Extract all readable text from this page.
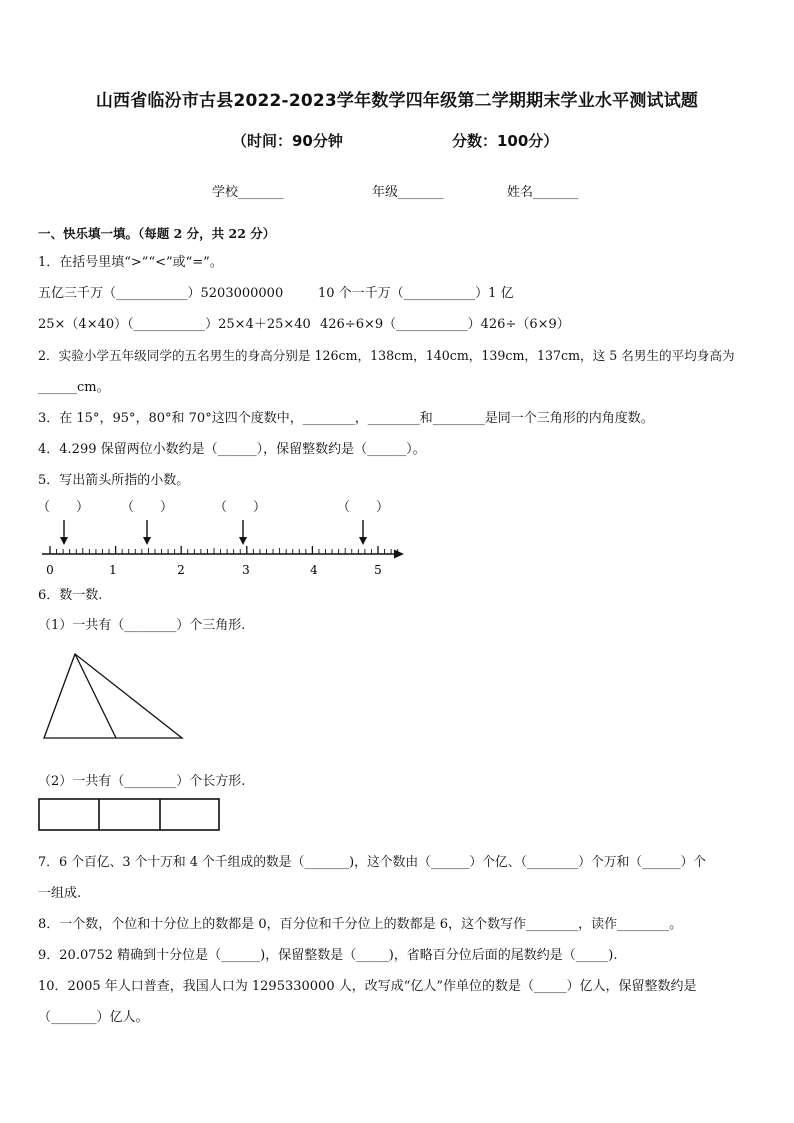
山西省临汾市古县2022-2023学年数学四年级第二学期期末学业水平测试试题
（时间：90分钟	分数：100分）
学校_______	年级_______	姓名_______
一、快乐填一填。（每题 2 分，共 22 分）
1．在括号里填“>”“<”或“=”。
五亿三千万（___________）5203000000	10 个一千万（___________）1 亿
25×（4×40）（___________）25×4＋25×40 426÷6×9（___________）426÷（6×9）
2．实验小学五年级同学的五名男生的身高分别是 126cm，138cm，140cm，139cm，137cm，这 5 名男生的平均身高为
______cm。
3．在 15°，95°，80°和 70°这四个度数中，________，________和________是同一个三角形的内角度数。
4．4.299 保留两位小数约是（______），保留整数约是（______）。
5．写出箭头所指的小数。
（　　） （　　）	（　　）	（　　）
0	1	2	3	4	5
6．数一数.
（1）一共有（________）个三角形.
（2）一共有（________）个长方形.
7．6 个百亿、3 个十万和 4 个千组成的数是（_______)，这个数由（______）个亿、（________）个万和（______）个
一组成.
8．一个数，个位和十分位上的数都是 0，百分位和千分位上的数都是 6，这个数写作________，读作________。
9．20.0752 精确到十分位是（______)，保留整数是（_____)，省略百分位后面的尾数约是（_____).
10．2005 年人口普查，我国人口为 1295330000 人，改写成“亿人”作单位的数是（_____）亿人，保留整数约是
（_______）亿人。
